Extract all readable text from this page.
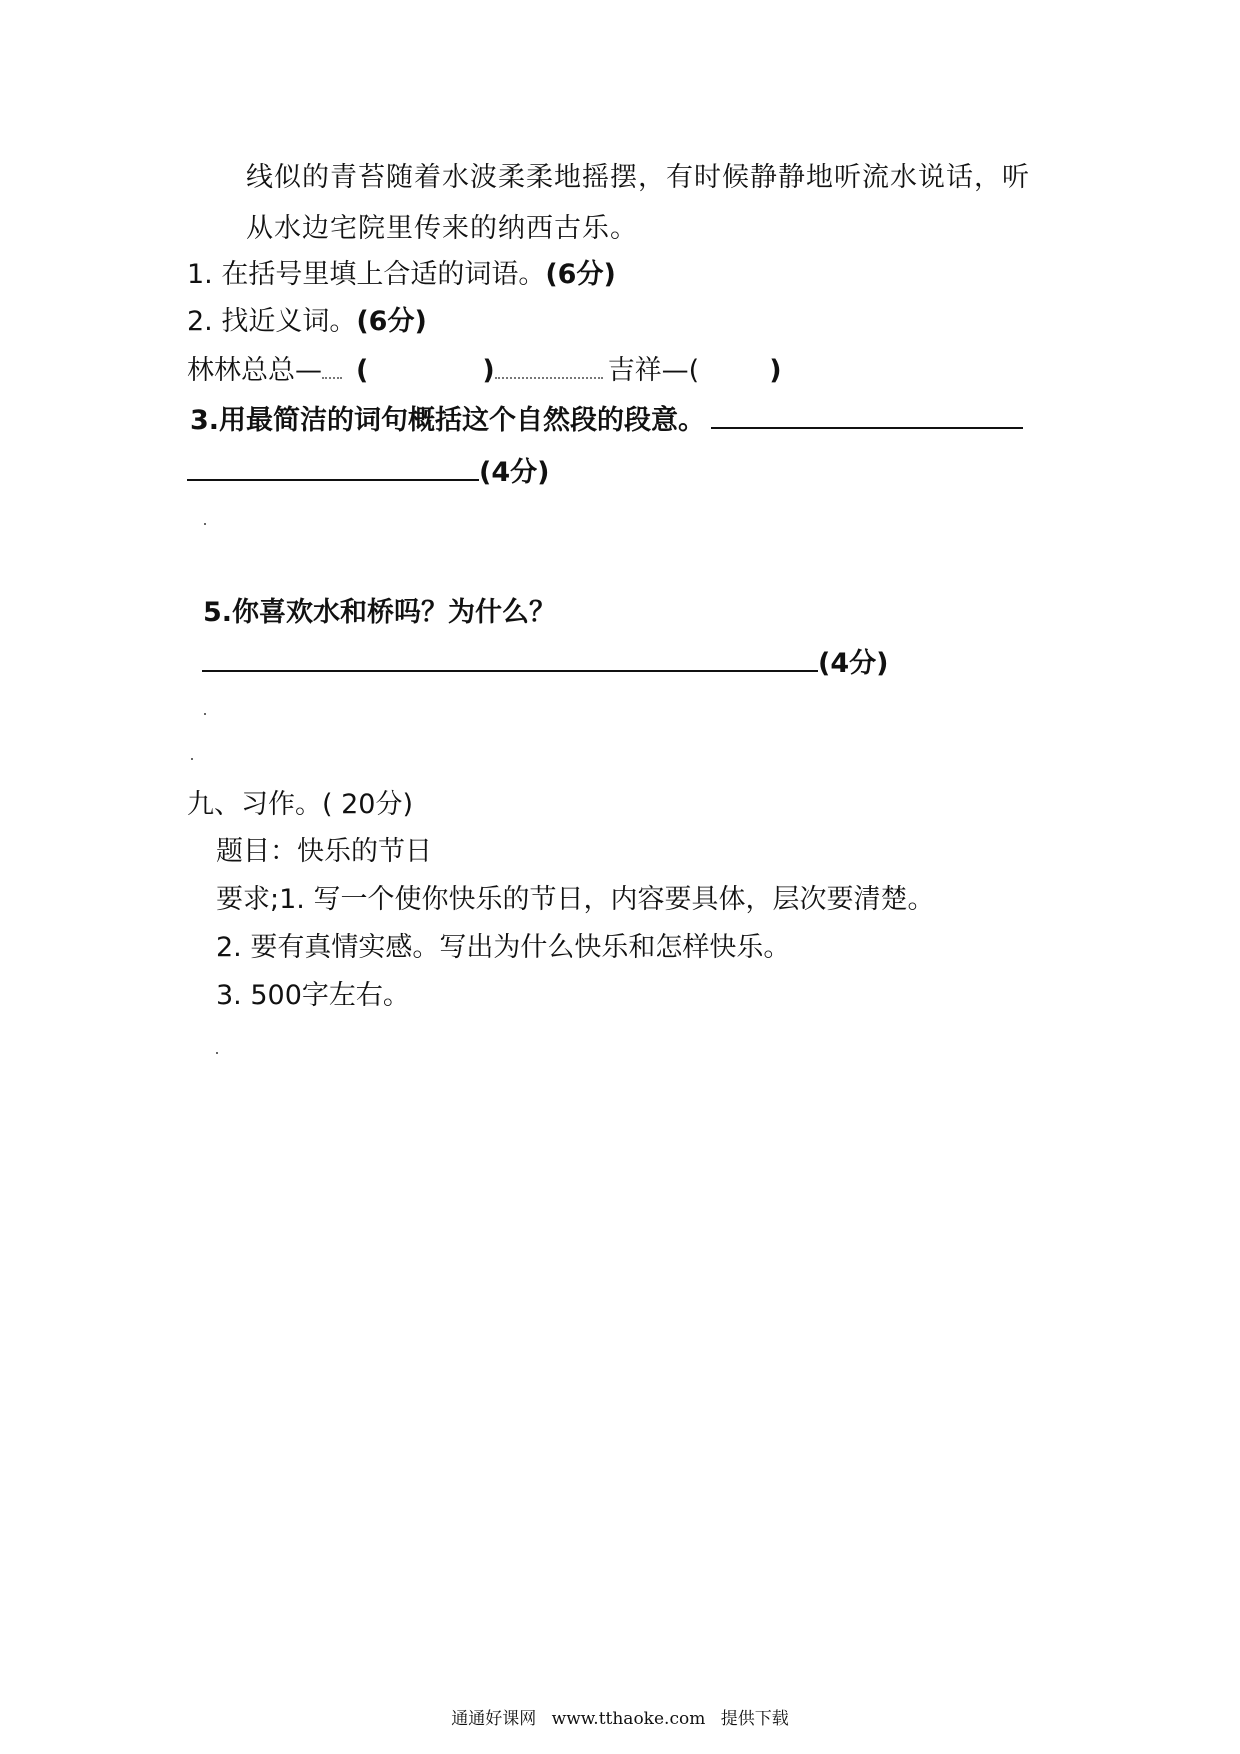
线似的青苔随着水波柔柔地摇摆，有时候静静地听流水说话，听
从水边宅院里传来的纳西古乐。
1. 在括号里填上合适的词语。(6分)
2. 找近义词。(6分)
林林总总— (	)	吉祥—(	)
3.用最简洁的词句概括这个自然段的段意。
(4分)
5.你喜欢水和桥吗？为什么？
(4分)
九、习作。( 20分)
题目：快乐的节日
要求;1. 写一个使你快乐的节日，内容要具体，层次要清楚。
2. 要有真情实感。写出为什么快乐和怎样快乐。
3. 500字左右。
通通好课网 www.tthaoke.com 提供下载
